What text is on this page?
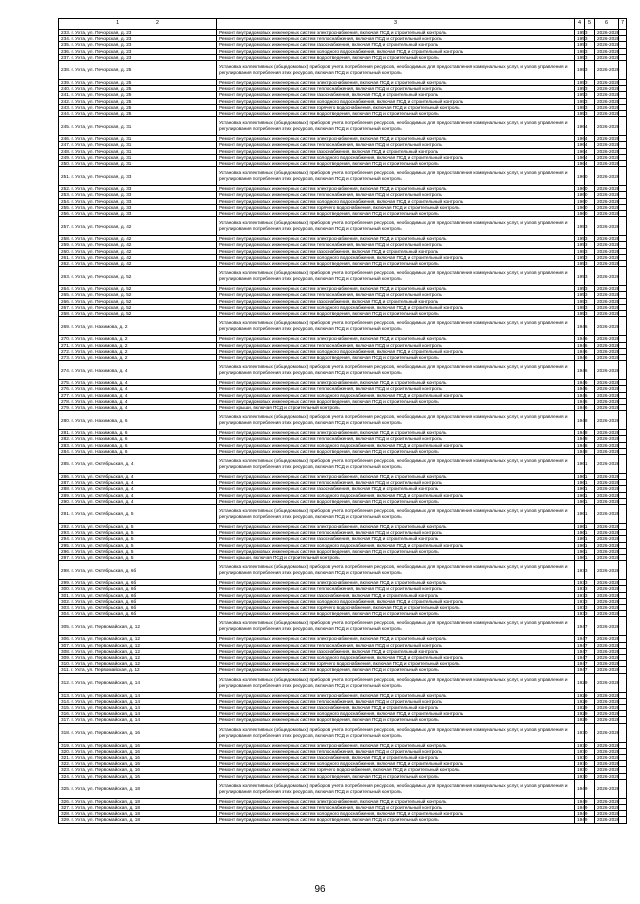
1 2	3	4	5	6	7
233. г. Ухта, ул. Печорская, д. 23	Ремонт внутридомовых инженерных систем электроснабжения, включая ПСД и строительный контроль	1953		2026-2028	
234. г. Ухта, ул. Печорская, д. 23	Ремонт внутридомовых инженерных систем теплоснабжения, включая ПСД и строительный контроль	1953		2026-2028	
235. г. Ухта, ул. Печорская, д. 23	Ремонт внутридомовых инженерных систем газоснабжения, включая ПСД и строительный контроль	1953		2026-2028	
236. г. Ухта, ул. Печорская, д. 23	Ремонт внутридомовых инженерных систем холодного водоснабжения, включая ПСД и строительный контроль	1953		2026-2028	
237. г. Ухта, ул. Печорская, д. 23	Ремонт внутридомовых инженерных систем водоотведения, включая ПСД и строительный контроль	1953		2026-2028	
238. г. Ухта, ул. Печорская, д. 25	Установка коллективных (общедомовых) приборов учета потребления ресурсов, необходимых для предоставления коммунальных услуг, и узлов управления и регулирования потребления этих ресурсов, включая ПСД и строительный контроль	1953		2026-2028	
239. г. Ухта, ул. Печорская, д. 25	Ремонт внутридомовых инженерных систем электроснабжения, включая ПСД и строительный контроль	1953		2026-2028	
240. г. Ухта, ул. Печорская, д. 25	Ремонт внутридомовых инженерных систем теплоснабжения, включая ПСД и строительный контроль	1953		2026-2028	
241. г. Ухта, ул. Печорская, д. 25	Ремонт внутридомовых инженерных систем газоснабжения, включая ПСД и строительный контроль	1953		2026-2028	
242. г. Ухта, ул. Печорская, д. 25	Ремонт внутридомовых инженерных систем холодного водоснабжения, включая ПСД и строительный контроль	1953		2026-2028	
243. г. Ухта, ул. Печорская, д. 25	Ремонт внутридомовых инженерных систем горячего водоснабжения, включая ПСД и строительный контроль	1953		2026-2028	
244. г. Ухта, ул. Печорская, д. 25	Ремонт внутридомовых инженерных систем водоотведения, включая ПСД и строительный контроль	1953		2026-2028	
245. г. Ухта, ул. Печорская, д. 31	Установка коллективных (общедомовых) приборов учета потребления ресурсов, необходимых для предоставления коммунальных услуг, и узлов управления и регулирования потребления этих ресурсов, включая ПСД и строительный контроль	1964		2026-2028	
246. г. Ухта, ул. Печорская, д. 31	Ремонт внутридомовых инженерных систем электроснабжения, включая ПСД и строительный контроль	1964		2026-2028	
247. г. Ухта, ул. Печорская, д. 31	Ремонт внутридомовых инженерных систем теплоснабжения, включая ПСД и строительный контроль	1964		2026-2028	
248. г. Ухта, ул. Печорская, д. 31	Ремонт внутридомовых инженерных систем газоснабжения, включая ПСД и строительный контроль	1964		2026-2028	
249. г. Ухта, ул. Печорская, д. 31	Ремонт внутридомовых инженерных систем холодного водоснабжения, включая ПСД и строительный контроль	1964		2026-2028	
250. г. Ухта, ул. Печорская, д. 31	Ремонт внутридомовых инженерных систем водоотведения, включая ПСД и строительный контроль	1964		2026-2028	
251. г. Ухта, ул. Печорская, д. 33	Установка коллективных (общедомовых) приборов учета потребления ресурсов, необходимых для предоставления коммунальных услуг, и узлов управления и регулирования потребления этих ресурсов, включая ПСД и строительный контроль	1960		2026-2028	
252. г. Ухта, ул. Печорская, д. 33	Ремонт внутридомовых инженерных систем электроснабжения, включая ПСД и строительный контроль	1960		2026-2028	
253. г. Ухта, ул. Печорская, д. 33	Ремонт внутридомовых инженерных систем теплоснабжения, включая ПСД и строительный контроль	1960		2026-2028	
254. г. Ухта, ул. Печорская, д. 33	Ремонт внутридомовых инженерных систем холодного водоснабжения, включая ПСД и строительный контроль	1960		2026-2028	
255. г. Ухта, ул. Печорская, д. 33	Ремонт внутридомовых инженерных систем горячего водоснабжения, включая ПСД и строительный контроль	1960		2026-2028	
256. г. Ухта, ул. Печорская, д. 33	Ремонт внутридомовых инженерных систем водоотведения, включая ПСД и строительный контроль	1960		2026-2028	
257. г. Ухта, ул. Печорская, д. 42	Установка коллективных (общедомовых) приборов учета потребления ресурсов, необходимых для предоставления коммунальных услуг, и узлов управления и регулирования потребления этих ресурсов, включая ПСД и строительный контроль	1953		2026-2028	
258. г. Ухта, ул. Печорская, д. 42	Ремонт внутридомовых инженерных систем электроснабжения, включая ПСД и строительный контроль	1953		2026-2028	
259. г. Ухта, ул. Печорская, д. 42	Ремонт внутридомовых инженерных систем теплоснабжения, включая ПСД и строительный контроль	1953		2026-2028	
260. г. Ухта, ул. Печорская, д. 42	Ремонт внутридомовых инженерных систем газоснабжения, включая ПСД и строительный контроль	1953		2026-2028	
261. г. Ухта, ул. Печорская, д. 42	Ремонт внутридомовых инженерных систем холодного водоснабжения, включая ПСД и строительный контроль	1953		2026-2028	
262. г. Ухта, ул. Печорская, д. 42	Ремонт внутридомовых инженерных систем водоотведения, включая ПСД и строительный контроль	1953		2026-2028	
263. г. Ухта, ул. Печорская, д. 52	Установка коллективных (общедомовых) приборов учета потребления ресурсов, необходимых для предоставления коммунальных услуг, и узлов управления и регулирования потребления этих ресурсов, включая ПСД и строительный контроль	1953		2026-2028	
264. г. Ухта, ул. Печорская, д. 52	Ремонт внутридомовых инженерных систем электроснабжения, включая ПСД и строительный контроль	1953		2026-2028	
265. г. Ухта, ул. Печорская, д. 52	Ремонт внутридомовых инженерных систем теплоснабжения, включая ПСД и строительный контроль	1953		2026-2028	
266. г. Ухта, ул. Печорская, д. 52	Ремонт внутридомовых инженерных систем газоснабжения, включая ПСД и строительный контроль	1953		2026-2028	
267. г. Ухта, ул. Печорская, д. 52	Ремонт внутридомовых инженерных систем холодного водоснабжения, включая ПСД и строительный контроль	1953		2026-2028	
268. г. Ухта, ул. Печорская, д. 52	Ремонт внутридомовых инженерных систем водоотведения, включая ПСД и строительный контроль	1953		2026-2028	
269. г. Ухта, ул. Нахимова, д. 2	Установка коллективных (общедомовых) приборов учета потребления ресурсов, необходимых для предоставления коммунальных услуг, и узлов управления и регулирования потребления этих ресурсов, включая ПСД и строительный контроль	1946		2026-2028	
270. г. Ухта, ул. Нахимова, д. 2	Ремонт внутридомовых инженерных систем электроснабжения, включая ПСД и строительный контроль	1946		2026-2028	
271. г. Ухта, ул. Нахимова, д. 2	Ремонт внутридомовых инженерных систем теплоснабжения, включая ПСД и строительный контроль	1946		2026-2028	
272. г. Ухта, ул. Нахимова, д. 2	Ремонт внутридомовых инженерных систем холодного водоснабжения, включая ПСД и строительный контроль	1946		2026-2028	
273. г. Ухта, ул. Нахимова, д. 2	Ремонт внутридомовых инженерных систем водоотведения, включая ПСД и строительный контроль	1946		2026-2028	
274. г. Ухта, ул. Нахимова, д. 4	Установка коллективных (общедомовых) приборов учета потребления ресурсов, необходимых для предоставления коммунальных услуг, и узлов управления и регулирования потребления этих ресурсов, включая ПСД и строительный контроль	1946		2026-2028	
275. г. Ухта, ул. Нахимова, д. 4	Ремонт внутридомовых инженерных систем электроснабжения, включая ПСД и строительный контроль	1946		2026-2028	
276. г. Ухта, ул. Нахимова, д. 4	Ремонт внутридомовых инженерных систем теплоснабжения, включая ПСД и строительный контроль	1946		2026-2028	
277. г. Ухта, ул. Нахимова, д. 4	Ремонт внутридомовых инженерных систем холодного водоснабжения, включая ПСД и строительный контроль	1946		2026-2028	
278. г. Ухта, ул. Нахимова, д. 4	Ремонт внутридомовых инженерных систем водоотведения, включая ПСД и строительный контроль	1946		2026-2028	
279. г. Ухта, ул. Нахимова, д. 4	Ремонт крыши, включая ПСД и строительный контроль	1946		2026-2028	
280. г. Ухта, ул. Нахимова, д. 6	Установка коллективных (общедомовых) приборов учета потребления ресурсов, необходимых для предоставления коммунальных услуг, и узлов управления и регулирования потребления этих ресурсов, включая ПСД и строительный контроль	1948		2026-2028	
281. г. Ухта, ул. Нахимова, д. 6	Ремонт внутридомовых инженерных систем электроснабжения, включая ПСД и строительный контроль	1948		2026-2028	
282. г. Ухта, ул. Нахимова, д. 6	Ремонт внутридомовых инженерных систем теплоснабжения, включая ПСД и строительный контроль	1948		2026-2028	
283. г. Ухта, ул. Нахимова, д. 6	Ремонт внутридомовых инженерных систем холодного водоснабжения, включая ПСД и строительный контроль	1948		2026-2028	
284. г. Ухта, ул. Нахимова, д. 6	Ремонт внутридомовых инженерных систем водоотведения, включая ПСД и строительный контроль	1948		2026-2028	
285. г. Ухта, ул. Октябрьская, д. 4	Установка коллективных (общедомовых) приборов учета потребления ресурсов, необходимых для предоставления коммунальных услуг, и узлов управления и регулирования потребления этих ресурсов, включая ПСД и строительный контроль	1961		2026-2028	
286. г. Ухта, ул. Октябрьская, д. 4	Ремонт внутридомовых инженерных систем электроснабжения, включая ПСД и строительный контроль	1961		2026-2028	
287. г. Ухта, ул. Октябрьская, д. 4	Ремонт внутридомовых инженерных систем теплоснабжения, включая ПСД и строительный контроль	1961		2026-2028	
288. г. Ухта, ул. Октябрьская, д. 4	Ремонт внутридомовых инженерных систем газоснабжения, включая ПСД и строительный контроль	1961		2026-2028	
289. г. Ухта, ул. Октябрьская, д. 4	Ремонт внутридомовых инженерных систем холодного водоснабжения, включая ПСД и строительный контроль	1961		2026-2028	
290. г. Ухта, ул. Октябрьская, д. 4	Ремонт внутридомовых инженерных систем водоотведения, включая ПСД и строительный контроль	1961		2026-2028	
291. г. Ухта, ул. Октябрьская, д. 5	Установка коллективных (общедомовых) приборов учета потребления ресурсов, необходимых для предоставления коммунальных услуг, и узлов управления и регулирования потребления этих ресурсов, включая ПСД и строительный контроль	1961		2026-2028	
292. г. Ухта, ул. Октябрьская, д. 5	Ремонт внутридомовых инженерных систем электроснабжения, включая ПСД и строительный контроль	1961		2026-2028	
293. г. Ухта, ул. Октябрьская, д. 5	Ремонт внутридомовых инженерных систем теплоснабжения, включая ПСД и строительный контроль	1961		2026-2028	
294. г. Ухта, ул. Октябрьская, д. 5	Ремонт внутридомовых инженерных систем газоснабжения, включая ПСД и строительный контроль	1961		2026-2028	
295. г. Ухта, ул. Октябрьская, д. 5	Ремонт внутридомовых инженерных систем холодного водоснабжения, включая ПСД и строительный контроль	1961		2026-2028	
296. г. Ухта, ул. Октябрьская, д. 5	Ремонт внутридомовых инженерных систем водоотведения, включая ПСД и строительный контроль	1961		2026-2028	
297. г. Ухта, ул. Октябрьская, д. 5	Ремонт крыши, включая ПСД и строительный контроль	1961		2026-2028	
298. г. Ухта, ул. Октябрьская, д. 6б	Установка коллективных (общедомовых) приборов учета потребления ресурсов, необходимых для предоставления коммунальных услуг, и узлов управления и регулирования потребления этих ресурсов, включая ПСД и строительный контроль	1933		2026-2028	
299. г. Ухта, ул. Октябрьская, д. 6б	Ремонт внутридомовых инженерных систем электроснабжения, включая ПСД и строительный контроль	1933		2026-2028	
300. г. Ухта, ул. Октябрьская, д. 6б	Ремонт внутридомовых инженерных систем теплоснабжения, включая ПСД и строительный контроль	1933		2026-2028	
301. г. Ухта, ул. Октябрьская, д. 6б	Ремонт внутридомовых инженерных систем газоснабжения, включая ПСД и строительный контроль	1933		2026-2028	
302. г. Ухта, ул. Октябрьская, д. 6б	Ремонт внутридомовых инженерных систем холодного водоснабжения, включая ПСД и строительный контроль	1933		2026-2028	
303. г. Ухта, ул. Октябрьская, д. 6б	Ремонт внутридомовых инженерных систем горячего водоснабжения, включая ПСД и строительный контроль	1933		2026-2028	
304. г. Ухта, ул. Октябрьская, д. 6б	Ремонт внутридомовых инженерных систем водоотведения, включая ПСД и строительный контроль	1933		2026-2028	
305. г. Ухта, ул. Первомайская, д. 12	Установка коллективных (общедомовых) приборов учета потребления ресурсов, необходимых для предоставления коммунальных услуг, и узлов управления и регулирования потребления этих ресурсов, включая ПСД и строительный контроль	1947		2026-2028	
306. г. Ухта, ул. Первомайская, д. 12	Ремонт внутридомовых инженерных систем электроснабжения, включая ПСД и строительный контроль	1947		2026-2028	
307. г. Ухта, ул. Первомайская, д. 12	Ремонт внутридомовых инженерных систем теплоснабжения, включая ПСД и строительный контроль	1947		2026-2028	
308. г. Ухта, ул. Первомайская, д. 12	Ремонт внутридомовых инженерных систем газоснабжения, включая ПСД и строительный контроль	1947		2026-2028	
309. г. Ухта, ул. Первомайская, д. 12	Ремонт внутридомовых инженерных систем холодного водоснабжения, включая ПСД и строительный контроль	1947		2026-2028	
310. г. Ухта, ул. Первомайская, д. 12	Ремонт внутридомовых инженерных систем горячего водоснабжения, включая ПСД и строительный контроль	1947		2026-2028	
311. г. Ухта, ул. Первомайская, д. 12	Ремонт внутридомовых инженерных систем водоотведения, включая ПСД и строительный контроль	1947		2026-2028	
312. г. Ухта, ул. Первомайская, д. 14	Установка коллективных (общедомовых) приборов учета потребления ресурсов, необходимых для предоставления коммунальных услуг, и узлов управления и регулирования потребления этих ресурсов, включая ПСД и строительный контроль	1929		2026-2028	
313. г. Ухта, ул. Первомайская, д. 14	Ремонт внутридомовых инженерных систем электроснабжения, включая ПСД и строительный контроль	1929		2026-2028	
314. г. Ухта, ул. Первомайская, д. 14	Ремонт внутридомовых инженерных систем теплоснабжения, включая ПСД и строительный контроль	1929		2026-2028	
315. г. Ухта, ул. Первомайская, д. 14	Ремонт внутридомовых инженерных систем газоснабжения, включая ПСД и строительный контроль	1929		2026-2028	
316. г. Ухта, ул. Первомайская, д. 14	Ремонт внутридомовых инженерных систем холодного водоснабжения, включая ПСД и строительный контроль	1929		2026-2028	
317. г. Ухта, ул. Первомайская, д. 14	Ремонт внутридомовых инженерных систем водоотведения, включая ПСД и строительный контроль	1929		2026-2028	
318. г. Ухта, ул. Первомайская, д. 16	Установка коллективных (общедомовых) приборов учета потребления ресурсов, необходимых для предоставления коммунальных услуг, и узлов управления и регулирования потребления этих ресурсов, включая ПСД и строительный контроль	1930		2026-2028	
319. г. Ухта, ул. Первомайская, д. 16	Ремонт внутридомовых инженерных систем электроснабжения, включая ПСД и строительный контроль	1930		2026-2028	
320. г. Ухта, ул. Первомайская, д. 16	Ремонт внутридомовых инженерных систем теплоснабжения, включая ПСД и строительный контроль	1930		2026-2028	
321. г. Ухта, ул. Первомайская, д. 16	Ремонт внутридомовых инженерных систем газоснабжения, включая ПСД и строительный контроль	1930		2026-2028	
322. г. Ухта, ул. Первомайская, д. 16	Ремонт внутридомовых инженерных систем холодного водоснабжения, включая ПСД и строительный контроль	1930		2026-2028	
323. г. Ухта, ул. Первомайская, д. 16	Ремонт внутридомовых инженерных систем горячего водоснабжения, включая ПСД и строительный контроль	1930		2026-2028	
324. г. Ухта, ул. Первомайская, д. 16	Ремонт внутридомовых инженерных систем водоотведения, включая ПСД и строительный контроль	1930		2026-2028	
325. г. Ухта, ул. Первомайская, д. 18	Установка коллективных (общедомовых) приборов учета потребления ресурсов, необходимых для предоставления коммунальных услуг, и узлов управления и регулирования потребления этих ресурсов, включая ПСД и строительный контроль	1949		2026-2028	
326. г. Ухта, ул. Первомайская, д. 18	Ремонт внутридомовых инженерных систем электроснабжения, включая ПСД и строительный контроль	1949		2026-2028	
327. г. Ухта, ул. Первомайская, д. 18	Ремонт внутридомовых инженерных систем теплоснабжения, включая ПСД и строительный контроль	1949		2026-2028	
328. г. Ухта, ул. Первомайская, д. 18	Ремонт внутридомовых инженерных систем холодного водоснабжения, включая ПСД и строительный контроль	1949		2026-2028	
329. г. Ухта, ул. Первомайская, д. 18	Ремонт внутридомовых инженерных систем водоотведения, включая ПСД и строительный контроль	1949		2026-2028	
96
